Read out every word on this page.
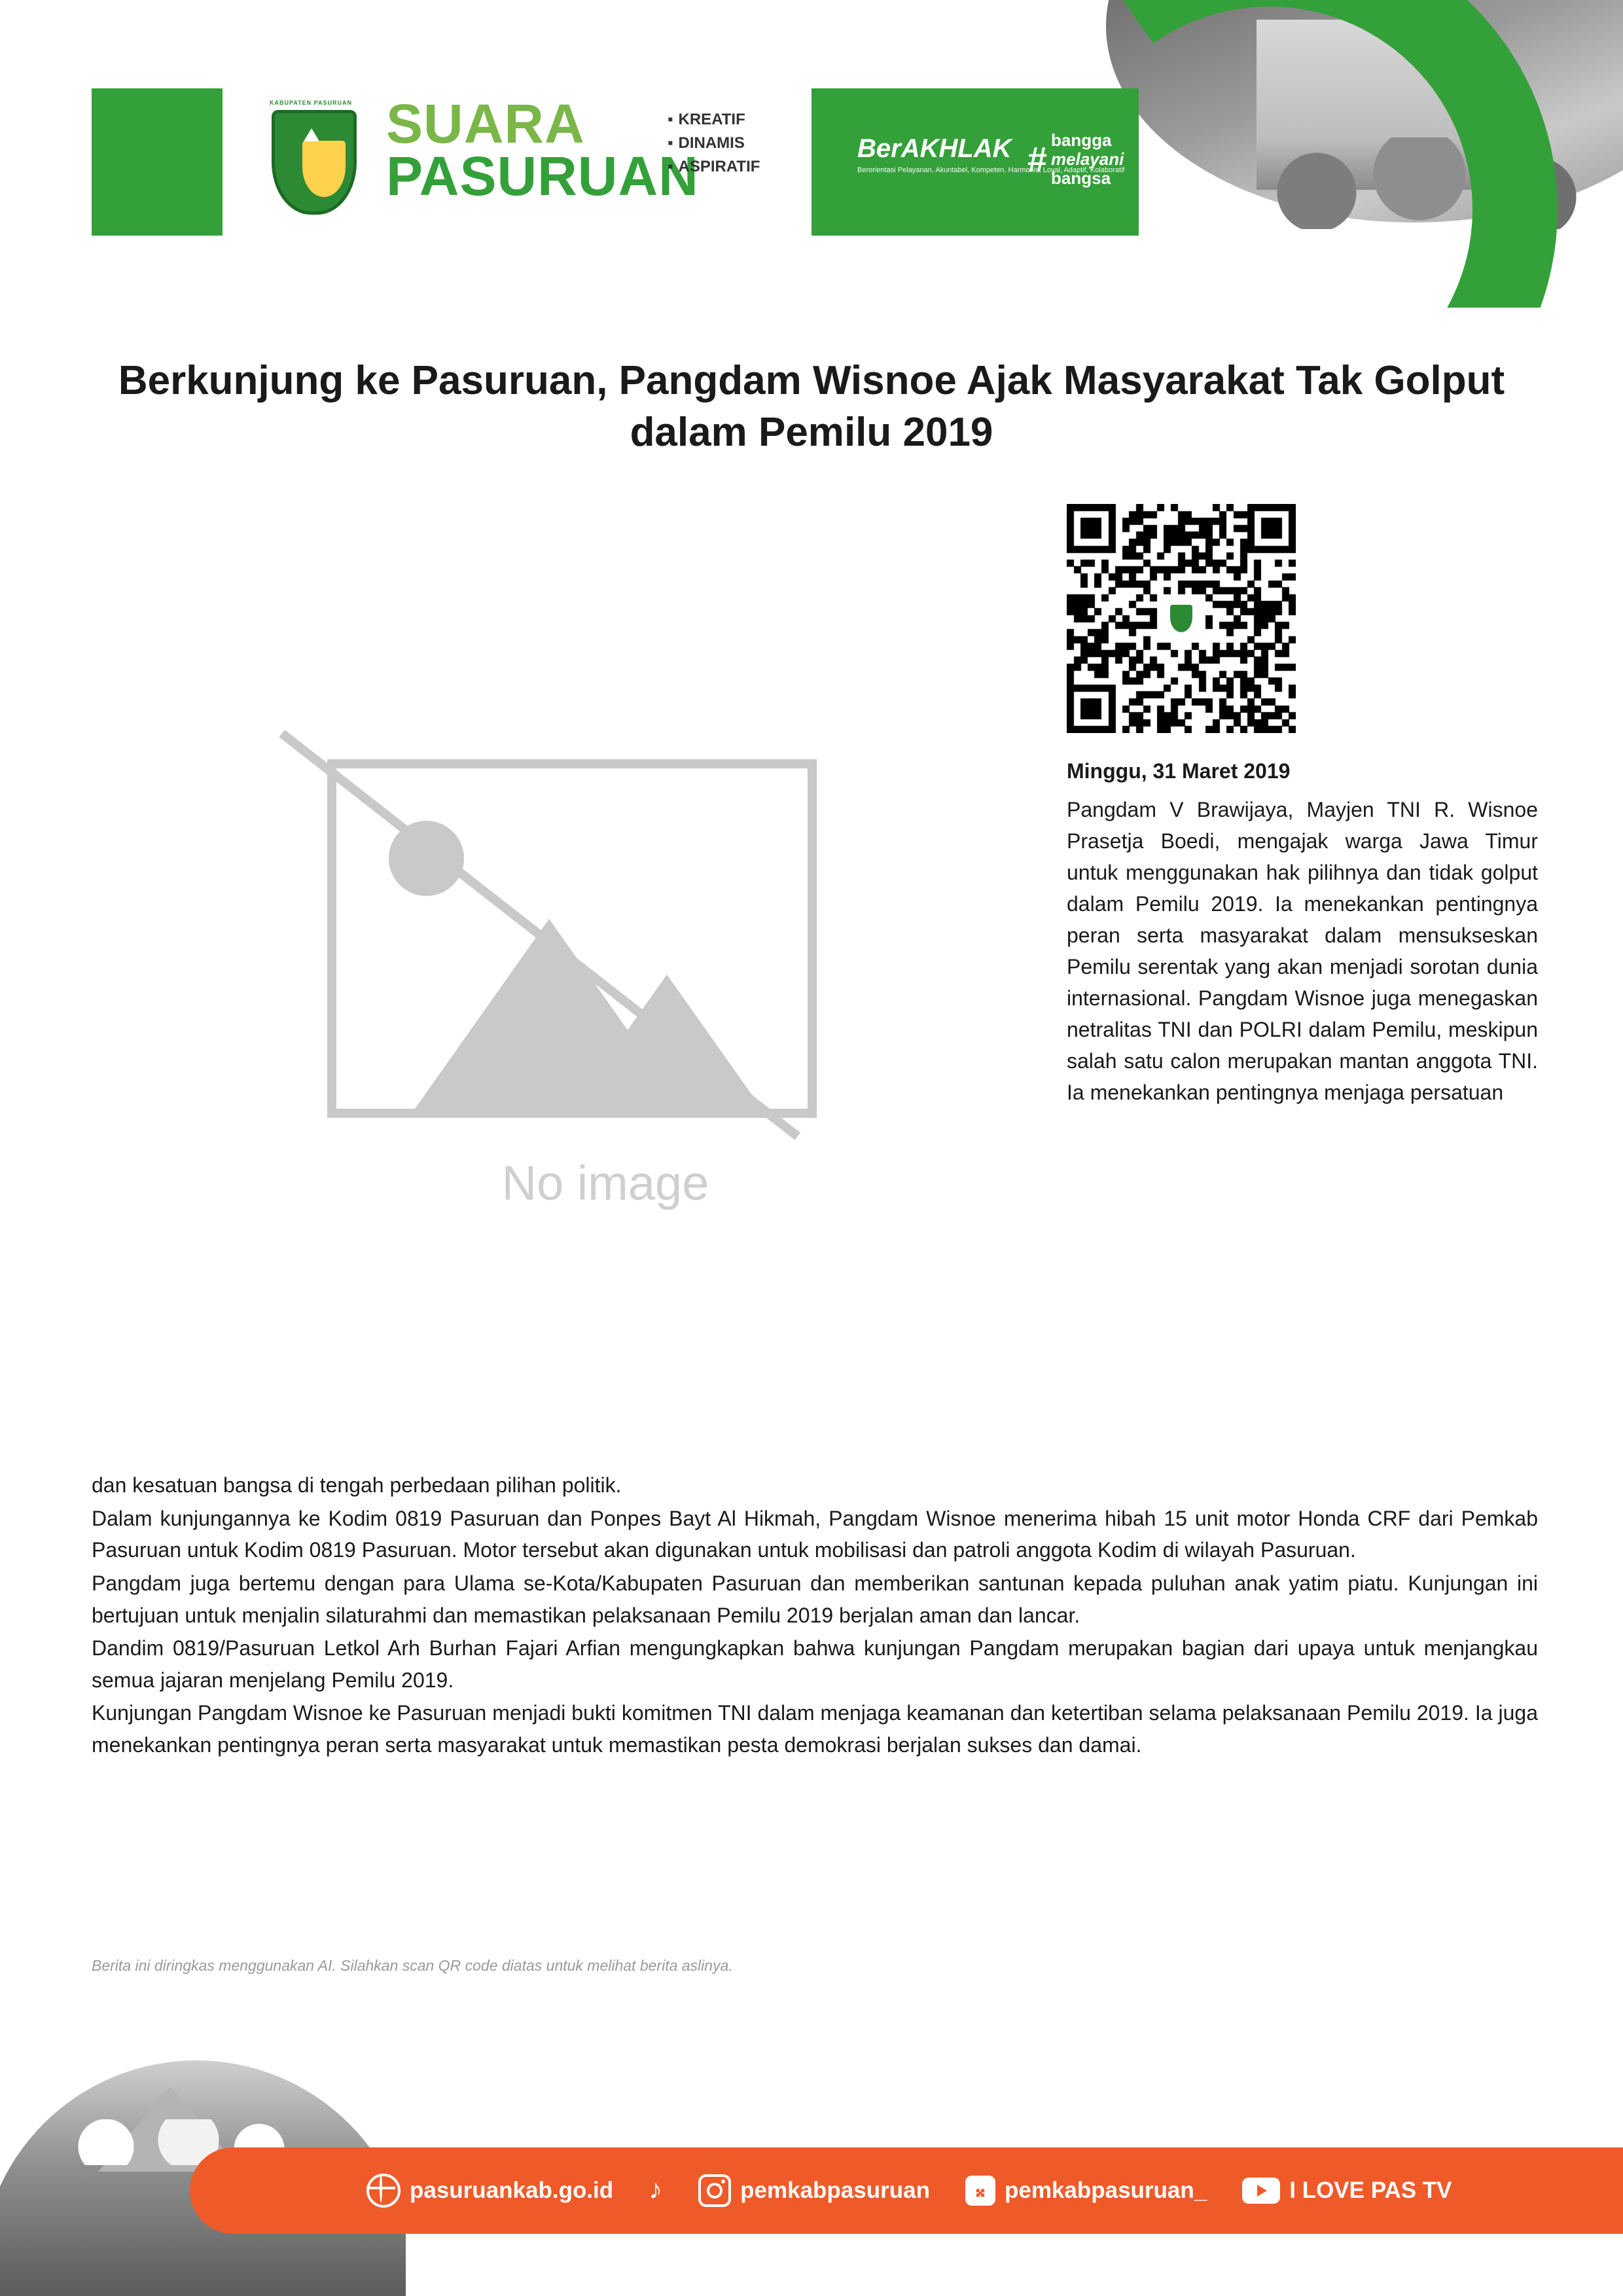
KABUPATEN PASURUAN SUARA
PASURUAN
▪ KREATIF
▪ DINAMIS
▪ ASPIRATIF
BerAKHLAK
Berorientasi Pelayanan, Akuntabel, Kompeten, Harmonis, Loyal, Adaptif, Kolaboratif
# bangga
melayani
bangsa
Berkunjung ke Pasuruan, Pangdam Wisnoe Ajak Masyarakat Tak Golput dalam Pemilu 2019
No image
Minggu, 31 Maret 2019
Pangdam V Brawijaya, Mayjen TNI R. Wisnoe Prasetja Boedi, mengajak warga Jawa Timur untuk menggunakan hak pilihnya dan tidak golput dalam Pemilu 2019. Ia menekankan pentingnya peran serta masyarakat dalam mensukseskan Pemilu serentak yang akan menjadi sorotan dunia internasional. Pangdam Wisnoe juga menegaskan netralitas TNI dan POLRI dalam Pemilu, meskipun salah satu calon merupakan mantan anggota TNI. Ia menekankan pentingnya menjaga persatuan

dan kesatuan bangsa di tengah perbedaan pilihan politik.

Dalam kunjungannya ke Kodim 0819 Pasuruan dan Ponpes Bayt Al Hikmah, Pangdam Wisnoe menerima hibah 15 unit motor Honda CRF dari Pemkab Pasuruan untuk Kodim 0819 Pasuruan. Motor tersebut akan digunakan untuk mobilisasi dan patroli anggota Kodim di wilayah Pasuruan.

Pangdam juga bertemu dengan para Ulama se-Kota/Kabupaten Pasuruan dan memberikan santunan kepada puluhan anak yatim piatu. Kunjungan ini bertujuan untuk menjalin silaturahmi dan memastikan pelaksanaan Pemilu 2019 berjalan aman dan lancar.

Dandim 0819/Pasuruan Letkol Arh Burhan Fajari Arfian mengungkapkan bahwa kunjungan Pangdam merupakan bagian dari upaya untuk menjangkau semua jajaran menjelang Pemilu 2019.

Kunjungan Pangdam Wisnoe ke Pasuruan menjadi bukti komitmen TNI dalam menjaga keamanan dan ketertiban selama pelaksanaan Pemilu 2019. Ia juga menekankan pentingnya peran serta masyarakat untuk memastikan pesta demokrasi berjalan sukses dan damai.

Berita ini diringkas menggunakan AI. Silahkan scan QR code diatas untuk melihat berita aslinya.
pasuruankab.go.id ♪	pemkabpasuruan	𝄪 pemkabpasuruan_	I LOVE PAS TV
